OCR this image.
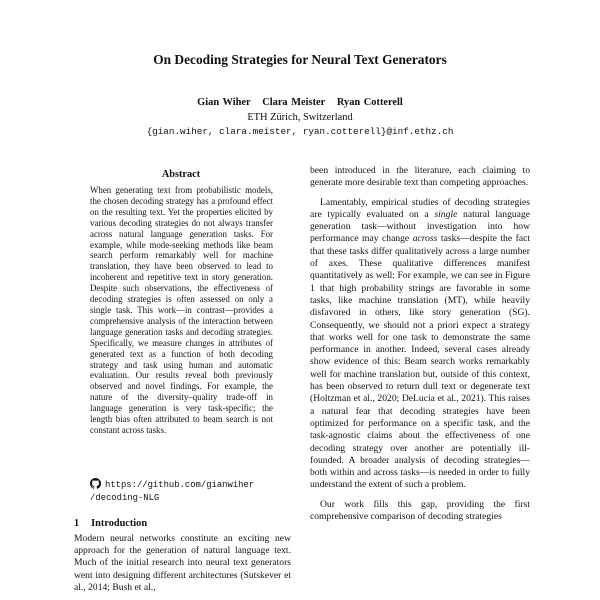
On Decoding Strategies for Neural Text Generators
Gian Wiher Clara Meister Ryan Cotterell
ETH Zürich, Switzerland
{gian.wiher, clara.meister, ryan.cotterell}@inf.ethz.ch
Abstract

When generating text from probabilistic models, the chosen decoding strategy has a profound effect on the resulting text. Yet the properties elicited by various decoding strategies do not always transfer across natural language generation tasks. For example, while mode-seeking methods like beam search perform remarkably well for machine translation, they have been observed to lead to incoherent and repetitive text in story generation. Despite such observations, the effectiveness of decoding strategies is often assessed on only a single task. This work—in contrast—provides a comprehensive analysis of the interaction between language generation tasks and decoding strategies. Specifically, we measure changes in attributes of generated text as a function of both decoding strategy and task using human and automatic evaluation. Our results reveal both previously observed and novel findings. For example, the nature of the diversity–quality trade-off in language generation is very task-specific; the length bias often attributed to beam search is not constant across tasks.

https://github.com/gianwiher
/decoding-NLG
1 Introduction

Modern neural networks constitute an exciting new approach for the generation of natural language text. Much of the initial research into neural text generators went into designing different architectures (Sutskever et al., 2014; Bush et al.,

been introduced in the literature, each claiming to generate more desirable text than competing approaches.

Lamentably, empirical studies of decoding strategies are typically evaluated on a single natural language generation task—without investigation into how performance may change across tasks—despite the fact that these tasks differ qualitatively across a large number of axes. These qualitative differences manifest quantitatively as well: For example, we can see in Figure 1 that high probability strings are favorable in some tasks, like machine translation (MT), while heavily disfavored in others, like story generation (SG). Consequently, we should not a priori expect a strategy that works well for one task to demonstrate the same performance in another. Indeed, several cases already show evidence of this: Beam search works remarkably well for machine translation but, outside of this context, has been observed to return dull text or degenerate text (Holtzman et al., 2020; DeLucia et al., 2021). This raises a natural fear that decoding strategies have been optimized for performance on a specific task, and the task-agnostic claims about the effectiveness of one decoding strategy over another are potentially ill-founded. A broader analysis of decoding strategies—both within and across tasks—is needed in order to fully understand the extent of such a problem.

Our work fills this gap, providing the first comprehensive comparison of decoding strategies
